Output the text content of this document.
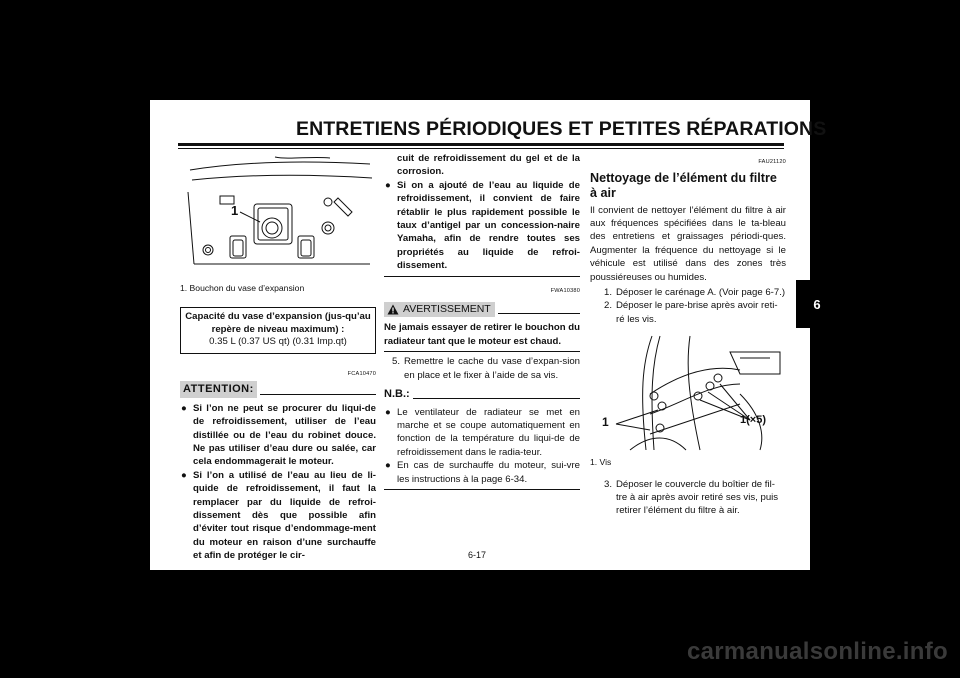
ENTRETIENS PÉRIODIQUES ET PETITES RÉPARATIONS
6
1
1. Bouchon du vase d’expansion
Capacité du vase d’expansion (jus-qu’au repère de niveau maximum) :
0.35 L (0.37 US qt) (0.31 Imp.qt)
FCA10470
ATTENTION:
● Si l’on ne peut se procurer du liqui-de de refroidissement, utiliser de l’eau distillée ou de l’eau du robinet douce. Ne pas utiliser d’eau dure ou salée, car cela endommagerait le moteur.
● Si l’on a utilisé de l’eau au lieu de li-quide de refroidissement, il faut la remplacer par du liquide de refroi-dissement dès que possible afin d’éviter tout risque d’endommage-ment du moteur en raison d’une surchauffe et afin de protéger le cir-
cuit de refroidissement du gel et de la corrosion.
● Si on a ajouté de l’eau au liquide de refroidissement, il convient de faire rétablir le plus rapidement possible le taux d’antigel par un concession-naire Yamaha, afin de rendre toutes ses propriétés au liquide de refroi-dissement.
FWA10380
AVERTISSEMENT
Ne jamais essayer de retirer le bouchon du radiateur tant que le moteur est chaud.
5. Remettre le cache du vase d’expan-sion en place et le fixer à l’aide de sa vis.
N.B.:
● Le ventilateur de radiateur se met en marche et se coupe automatiquement en fonction de la température du liqui-de de refroidissement dans le radia-teur.
● En cas de surchauffe du moteur, sui-vre les instructions à la page 6-34.
FAU21120
Nettoyage de l’élément du filtre à air
Il convient de nettoyer l’élément du filtre à air aux fréquences spécifiées dans le ta-bleau des entretiens et graissages périodi-ques. Augmenter la fréquence du nettoyage si le véhicule est utilisé dans des zones très poussiéreuses ou humides.
1. Déposer le carénage A. (Voir page 6-7.)
2. Déposer le pare-brise après avoir reti-ré les vis.
1	1(×5)
1. Vis
3. Déposer le couvercle du boîtier de fil-tre à air après avoir retiré ses vis, puis retirer l’élément du filtre à air.
6-17
carmanualsonline.info
